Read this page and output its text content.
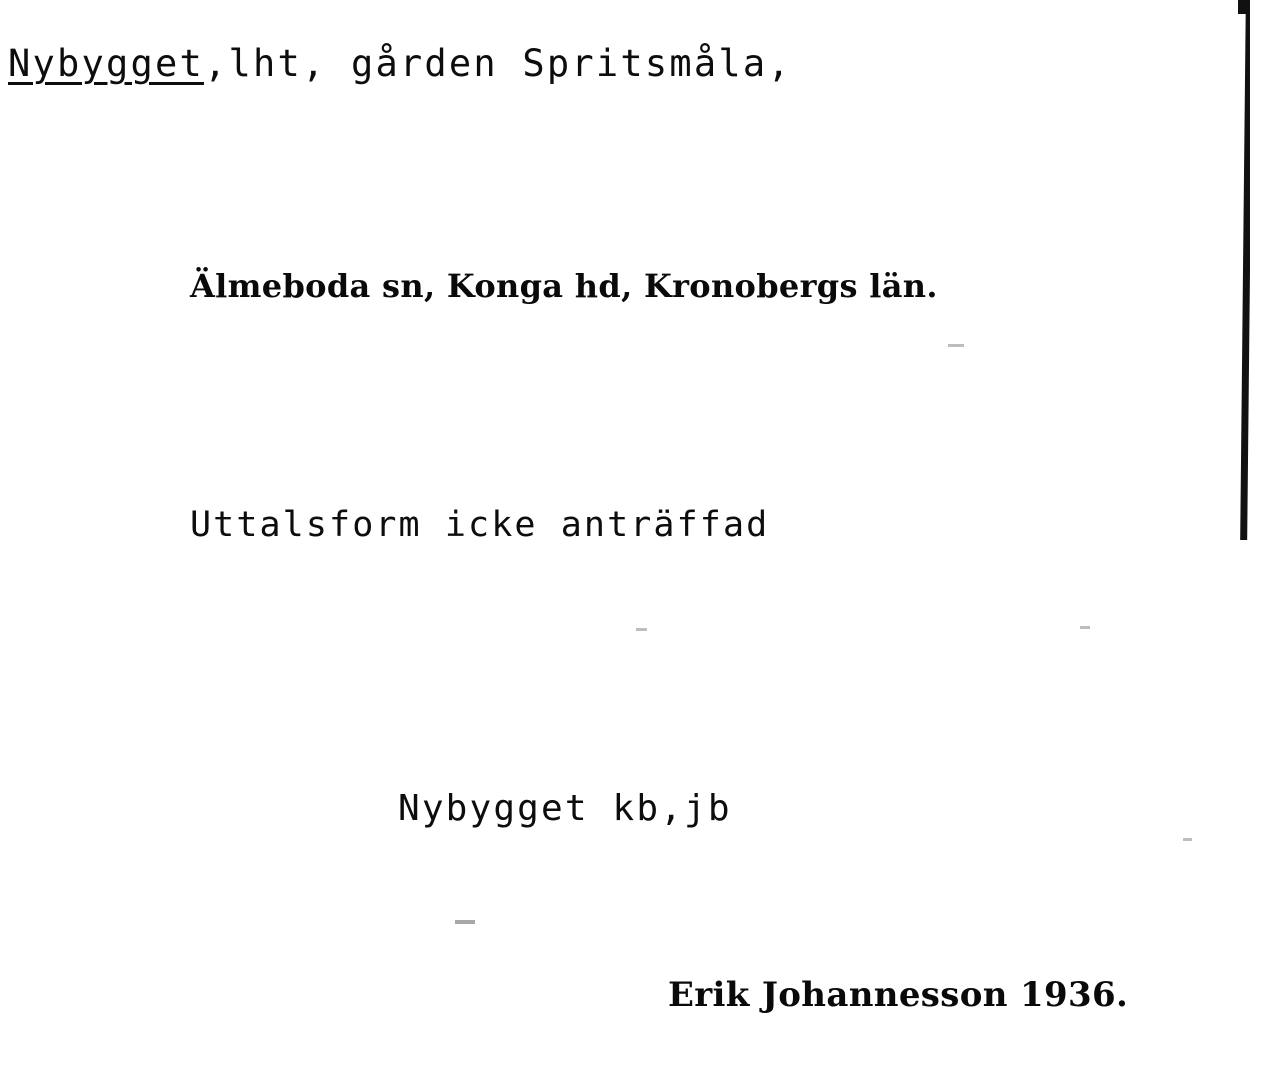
Nybygget,lht, gården Spritsmåla,
Älmeboda sn, Konga hd, Kronobergs län.
Uttalsform icke anträffad
Nybygget kb,jb
Erik Johannesson 1936.
